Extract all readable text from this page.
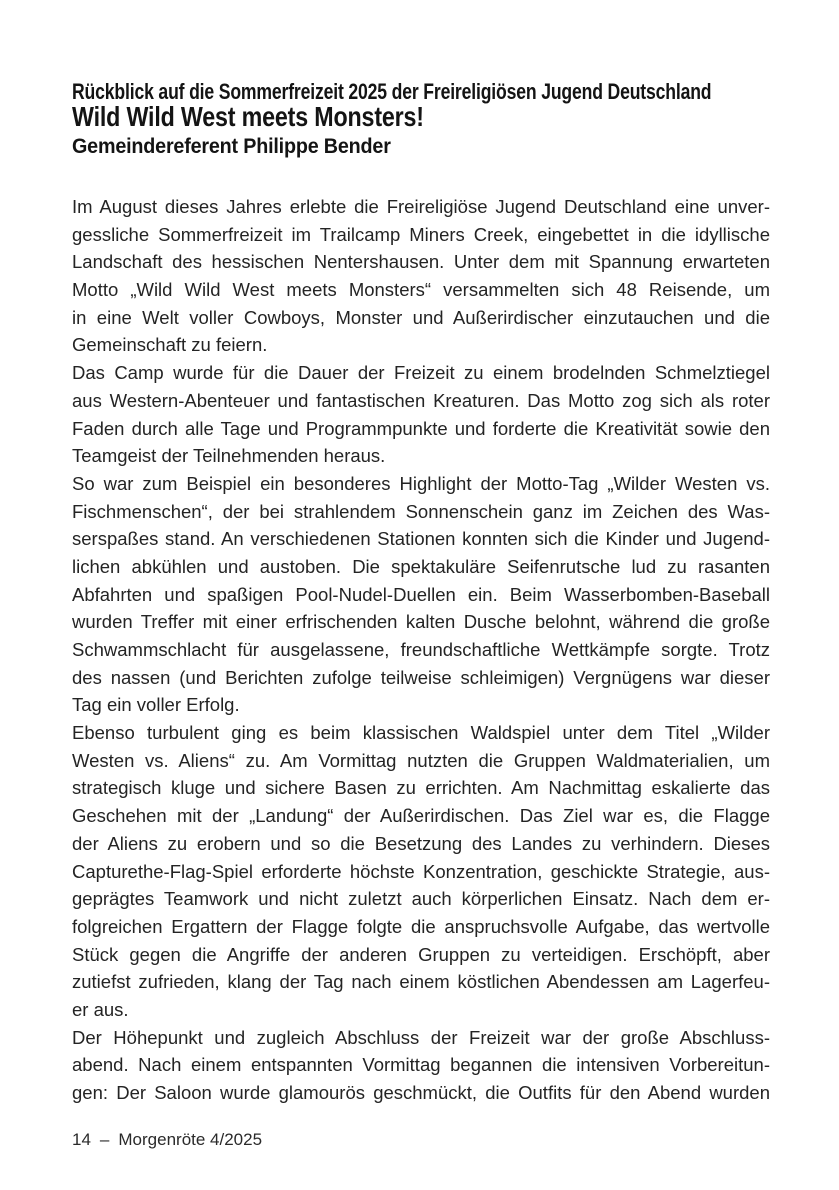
Rückblick auf die Sommerfreizeit 2025 der Freireligiösen Jugend Deutschland
Wild Wild West meets Monsters!
Gemeindereferent Philippe Bender

Im August dieses Jahres erlebte die Freireligiöse Jugend Deutschland eine unver-
gessliche Sommerfreizeit im Trailcamp Miners Creek, eingebettet in die idyllische
Landschaft des hessischen Nentershausen. Unter dem mit Spannung erwarteten
Motto „Wild Wild West meets Monsters“ versammelten sich 48 Reisende, um
in eine Welt voller Cowboys, Monster und Außerirdischer einzutauchen und die
Gemeinschaft zu feiern.

Das Camp wurde für die Dauer der Freizeit zu einem brodelnden Schmelztiegel
aus Western-Abenteuer und fantastischen Kreaturen. Das Motto zog sich als roter
Faden durch alle Tage und Programmpunkte und forderte die Kreativität sowie den
Teamgeist der Teilnehmenden heraus.

So war zum Beispiel ein besonderes Highlight der Motto-Tag „Wilder Westen vs.
Fischmenschen“, der bei strahlendem Sonnenschein ganz im Zeichen des Was-
serspaßes stand. An verschiedenen Stationen konnten sich die Kinder und Jugend-
lichen abkühlen und austoben. Die spektakuläre Seifenrutsche lud zu rasanten
Abfahrten und spaßigen Pool-Nudel-Duellen ein. Beim Wasserbomben-Baseball
wurden Treffer mit einer erfrischenden kalten Dusche belohnt, während die große
Schwammschlacht für ausgelassene, freundschaftliche Wettkämpfe sorgte. Trotz
des nassen (und Berichten zufolge teilweise schleimigen) Vergnügens war dieser
Tag ein voller Erfolg.

Ebenso turbulent ging es beim klassischen Waldspiel unter dem Titel „Wilder
Westen vs. Aliens“ zu. Am Vormittag nutzten die Gruppen Waldmaterialien, um
strategisch kluge und sichere Basen zu errichten. Am Nachmittag eskalierte das
Geschehen mit der „Landung“ der Außerirdischen. Das Ziel war es, die Flagge
der Aliens zu erobern und so die Besetzung des Landes zu verhindern. Dieses
Capturethe-Flag-Spiel erforderte höchste Konzentration, geschickte Strategie, aus-
geprägtes Teamwork und nicht zuletzt auch körperlichen Einsatz. Nach dem er-
folgreichen Ergattern der Flagge folgte die anspruchsvolle Aufgabe, das wertvolle
Stück gegen die Angriffe der anderen Gruppen zu verteidigen. Erschöpft, aber
zutiefst zufrieden, klang der Tag nach einem köstlichen Abendessen am Lagerfeu-
er aus.

Der Höhepunkt und zugleich Abschluss der Freizeit war der große Abschluss-
abend. Nach einem entspannten Vormittag begannen die intensiven Vorbereitun-
gen: Der Saloon wurde glamourös geschmückt, die Outfits für den Abend wurden

14 – Morgenröte 4/2025
